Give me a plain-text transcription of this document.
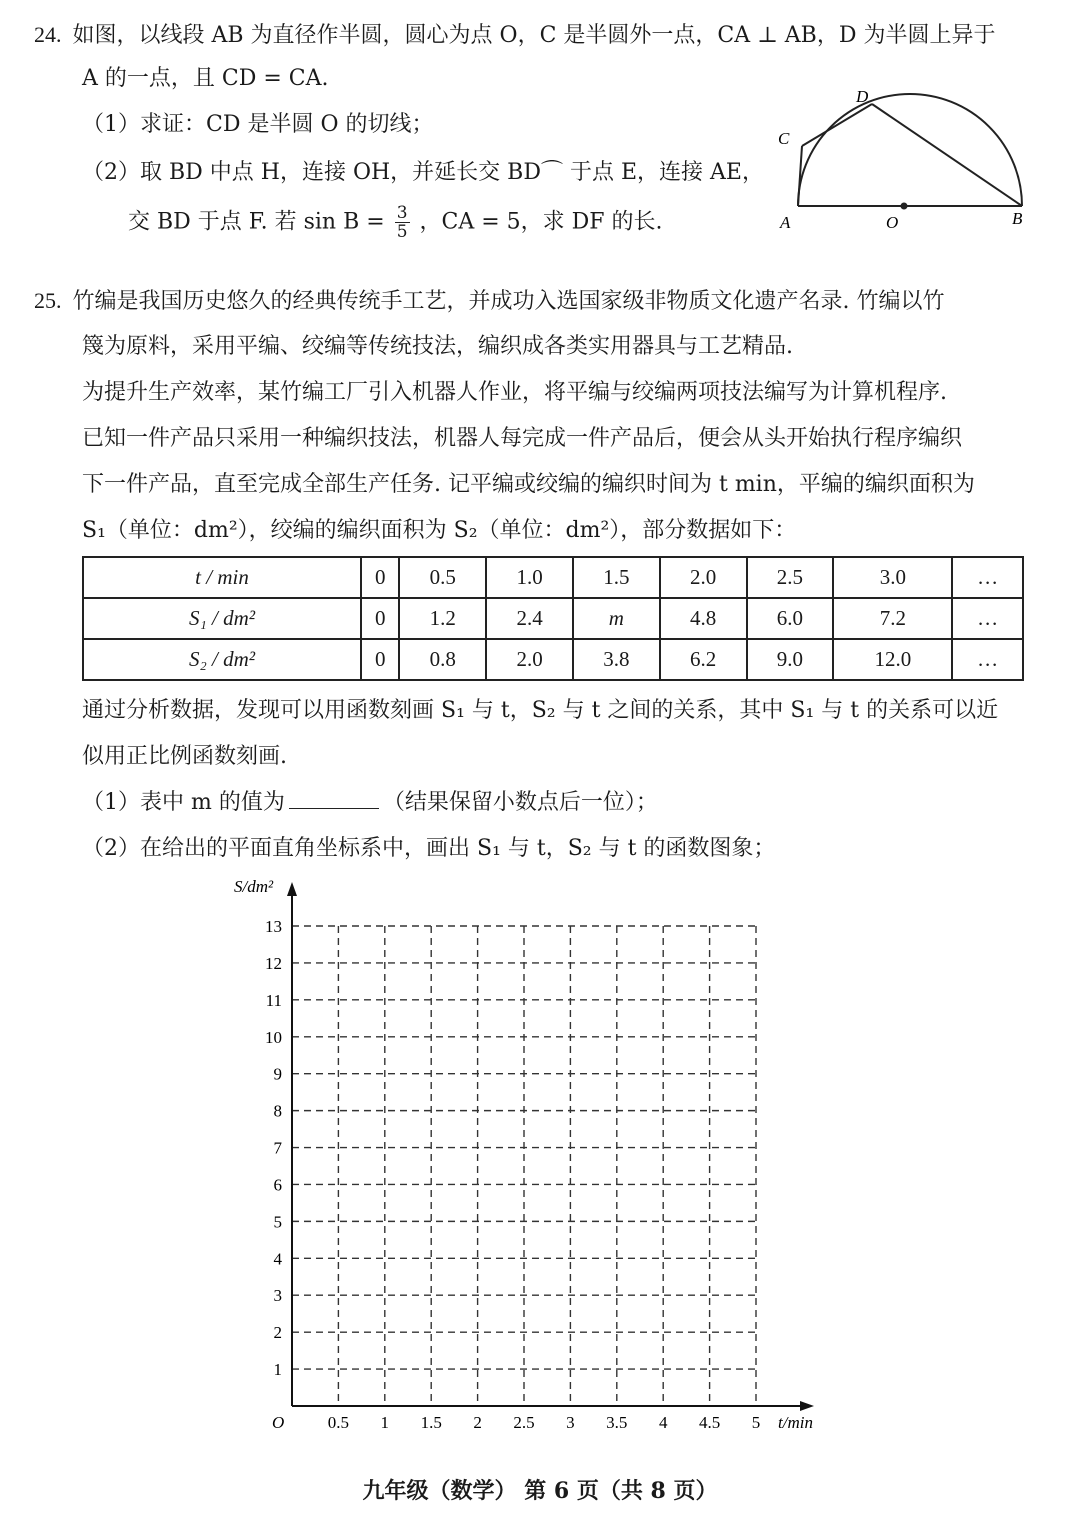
24. 如图，以线段 AB 为直径作半圆，圆心为点 O，C 是半圆外一点，CA ⊥ AB，D 为半圆上异于
A 的一点，且 CD = CA.
（1）求证：CD 是半圆 O 的切线；
（2）取 BD 中点 H，连接 OH，并延长交 BD⌒ 于点 E，连接 AE，
交 BD 于点 F. 若 $\sin B = \frac{3}{5}$ ，CA = 5，求 DF 的长.
C
D
A	O	B
25. 竹编是我国历史悠久的经典传统手工艺，并成功入选国家级非物质文化遗产名录. 竹编以竹
篾为原料，采用平编、绞编等传统技法，编织成各类实用器具与工艺精品.
为提升生产效率，某竹编工厂引入机器人作业，将平编与绞编两项技法编写为计算机程序.
已知一件产品只采用一种编织技法，机器人每完成一件产品后，便会从头开始执行程序编织
下一件产品，直至完成全部生产任务. 记平编或绞编的编织时间为 t min，平编的编织面积为
S₁（单位：dm²），绞编的编织面积为 S₂（单位：dm²），部分数据如下：
t / min	0	0.5	1.0	1.5	2.0	2.5	3.0	…
S₁ / dm²	0	1.2	2.4	m	4.8	6.0	7.2	…
S₂ / dm²	0	0.8	2.0	3.8	6.2	9.0	12.0	…
通过分析数据，发现可以用函数刻画 S₁ 与 t，S₂ 与 t 之间的关系，其中 S₁ 与 t 的关系可以近
似用正比例函数刻画.
（1）表中 m 的值为	（结果保留小数点后一位）；
（2）在给出的平面直角坐标系中，画出 S₁ 与 t，S₂ 与 t 的函数图象；
0.5 1 1.5 2 2.5 3 3.5 4 4.5 5
1
2
3
4
5
6
7
8
9
10
11
12
13
S/dm²
t/min
O
九年级（数学） 第 6 页（共 8 页）
